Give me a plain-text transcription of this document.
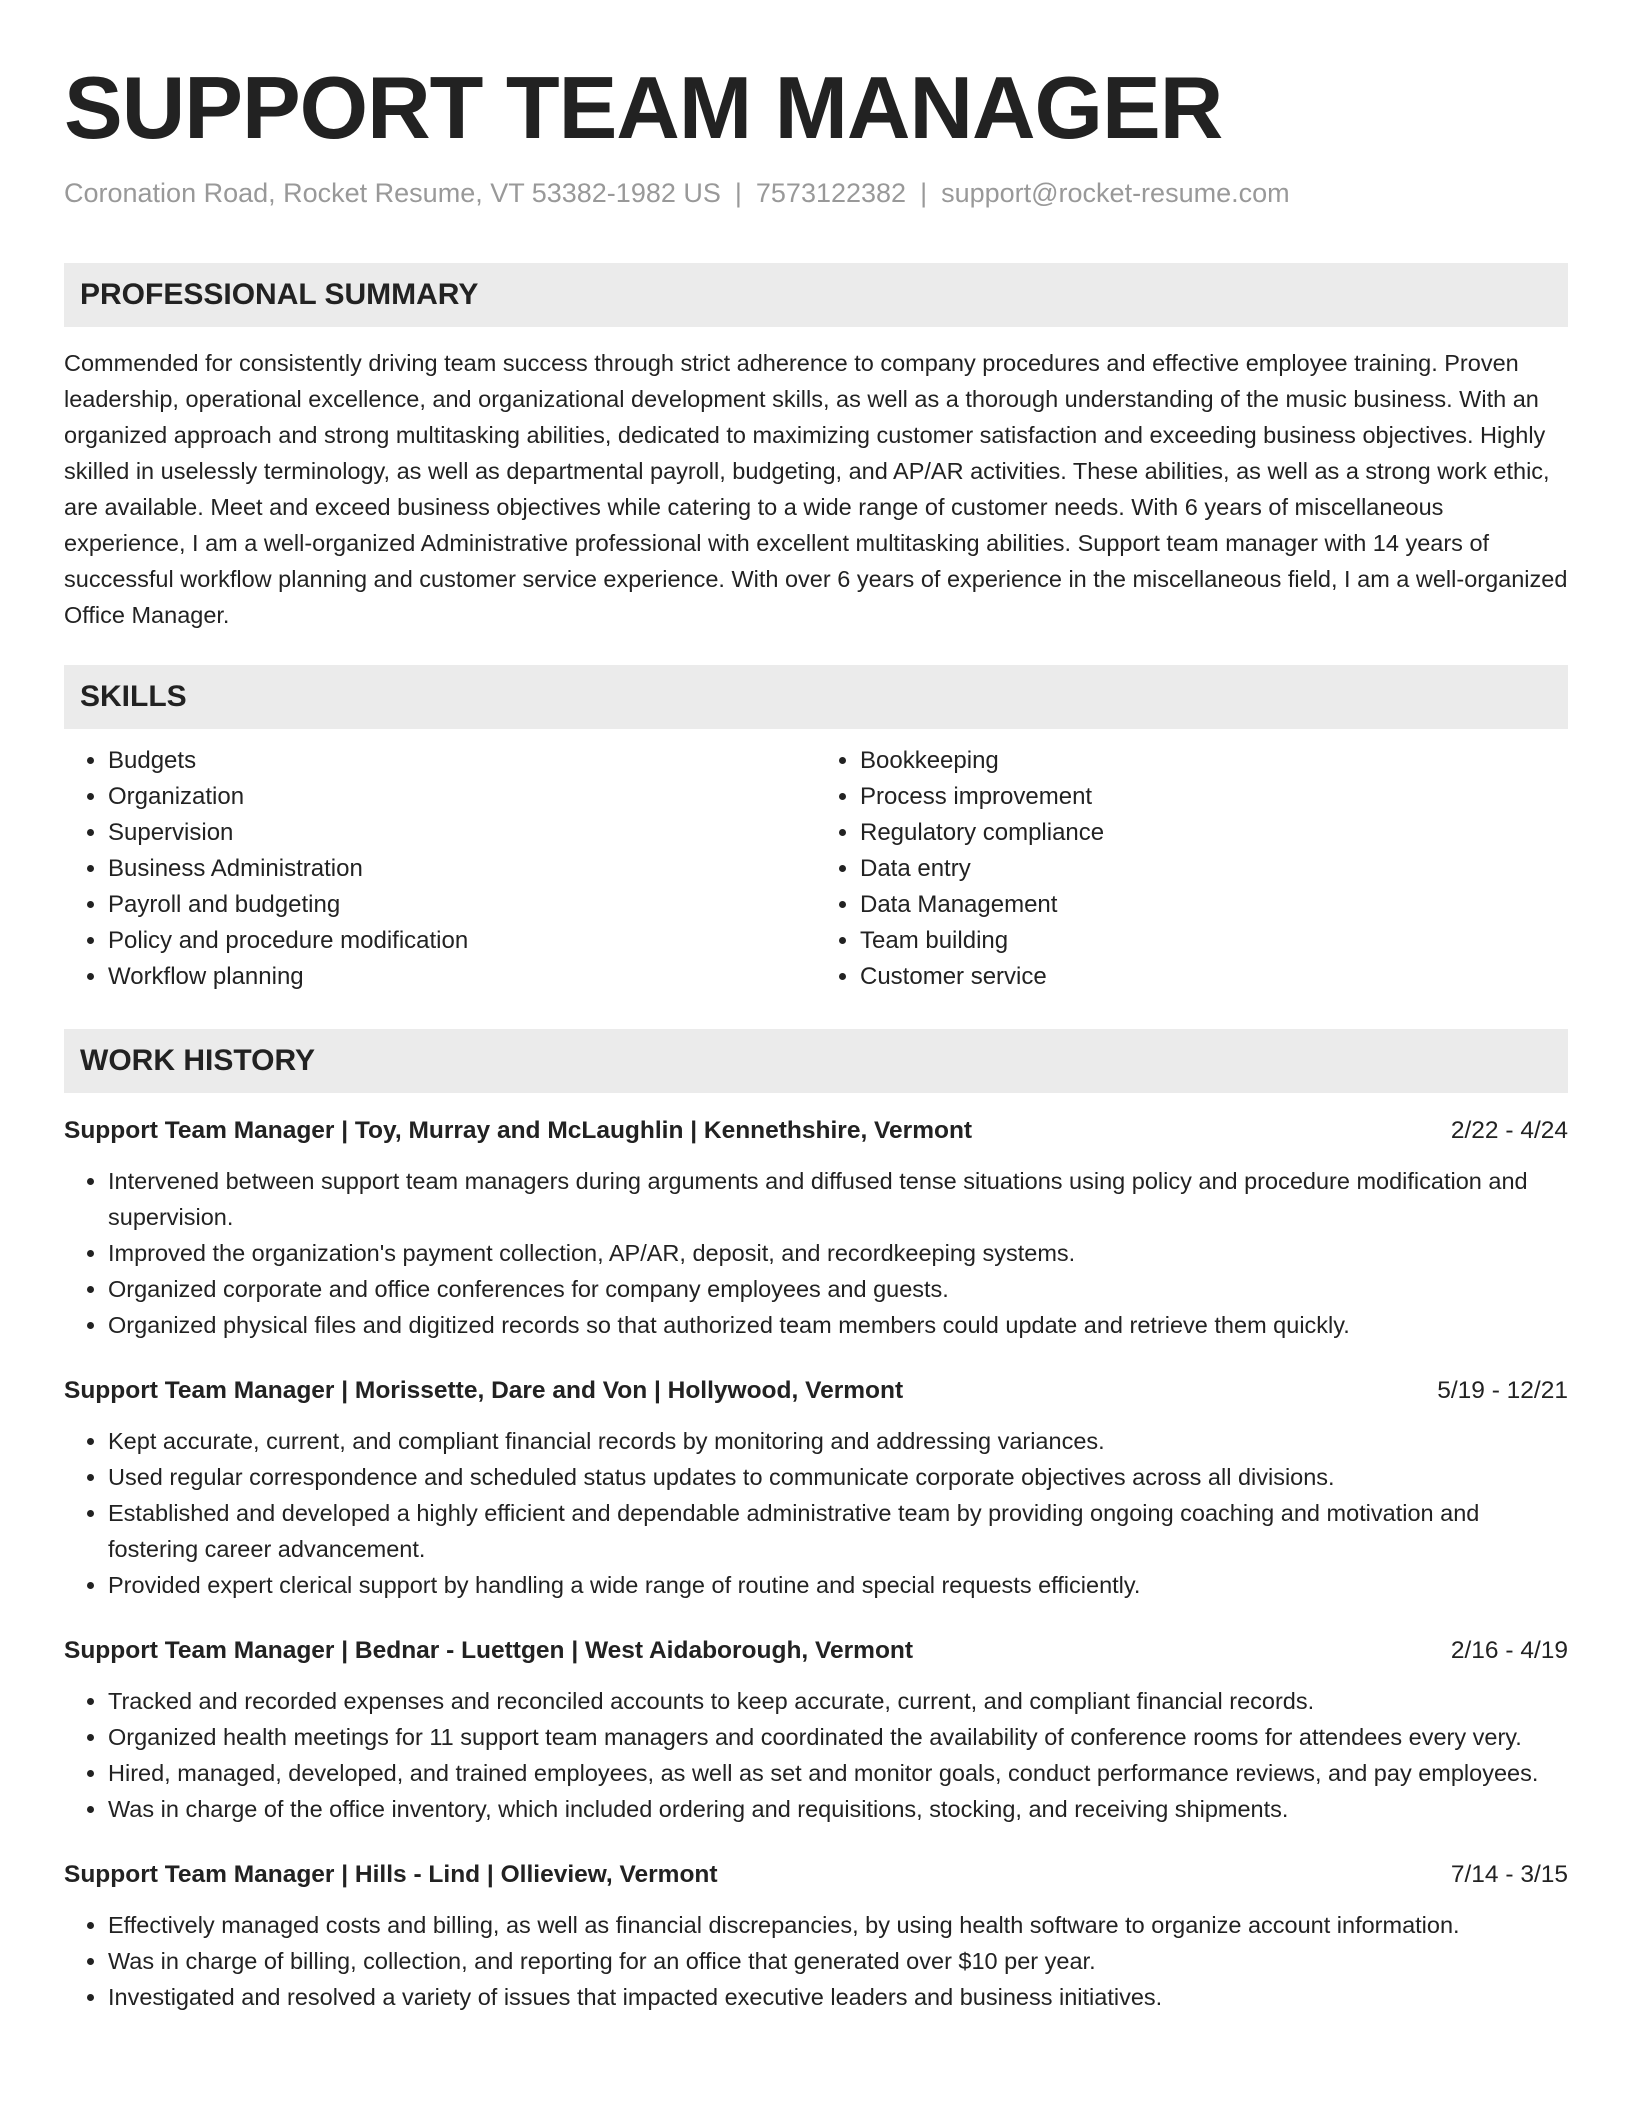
SUPPORT TEAM MANAGER
Coronation Road, Rocket Resume, VT 53382-1982 US | 7573122382 | support@rocket-resume.com
PROFESSIONAL SUMMARY
Commended for consistently driving team success through strict adherence to company procedures and effective employee training. Proven leadership, operational excellence, and organizational development skills, as well as a thorough understanding of the music business. With an organized approach and strong multitasking abilities, dedicated to maximizing customer satisfaction and exceeding business objectives. Highly skilled in uselessly terminology, as well as departmental payroll, budgeting, and AP/AR activities. These abilities, as well as a strong work ethic, are available. Meet and exceed business objectives while catering to a wide range of customer needs. With 6 years of miscellaneous experience, I am a well-organized Administrative professional with excellent multitasking abilities. Support team manager with 14 years of successful workflow planning and customer service experience. With over 6 years of experience in the miscellaneous field, I am a well-organized Office Manager.
SKILLS
• Budgets
• Organization
• Supervision
• Business Administration
• Payroll and budgeting
• Policy and procedure modification
• Workflow planning
• Bookkeeping
• Process improvement
• Regulatory compliance
• Data entry
• Data Management
• Team building
• Customer service
WORK HISTORY
Support Team Manager | Toy, Murray and McLaughlin | Kennethshire, Vermont	2/22 - 4/24
• Intervened between support team managers during arguments and diffused tense situations using policy and procedure modification and supervision.
• Improved the organization's payment collection, AP/AR, deposit, and recordkeeping systems.
• Organized corporate and office conferences for company employees and guests.
• Organized physical files and digitized records so that authorized team members could update and retrieve them quickly.
Support Team Manager | Morissette, Dare and Von | Hollywood, Vermont	5/19 - 12/21
• Kept accurate, current, and compliant financial records by monitoring and addressing variances.
• Used regular correspondence and scheduled status updates to communicate corporate objectives across all divisions.
• Established and developed a highly efficient and dependable administrative team by providing ongoing coaching and motivation and fostering career advancement.
• Provided expert clerical support by handling a wide range of routine and special requests efficiently.
Support Team Manager | Bednar - Luettgen | West Aidaborough, Vermont	2/16 - 4/19
• Tracked and recorded expenses and reconciled accounts to keep accurate, current, and compliant financial records.
• Organized health meetings for 11 support team managers and coordinated the availability of conference rooms for attendees every very.
• Hired, managed, developed, and trained employees, as well as set and monitor goals, conduct performance reviews, and pay employees.
• Was in charge of the office inventory, which included ordering and requisitions, stocking, and receiving shipments.
Support Team Manager | Hills - Lind | Ollieview, Vermont	7/14 - 3/15
• Effectively managed costs and billing, as well as financial discrepancies, by using health software to organize account information.
• Was in charge of billing, collection, and reporting for an office that generated over $10 per year.
• Investigated and resolved a variety of issues that impacted executive leaders and business initiatives.
